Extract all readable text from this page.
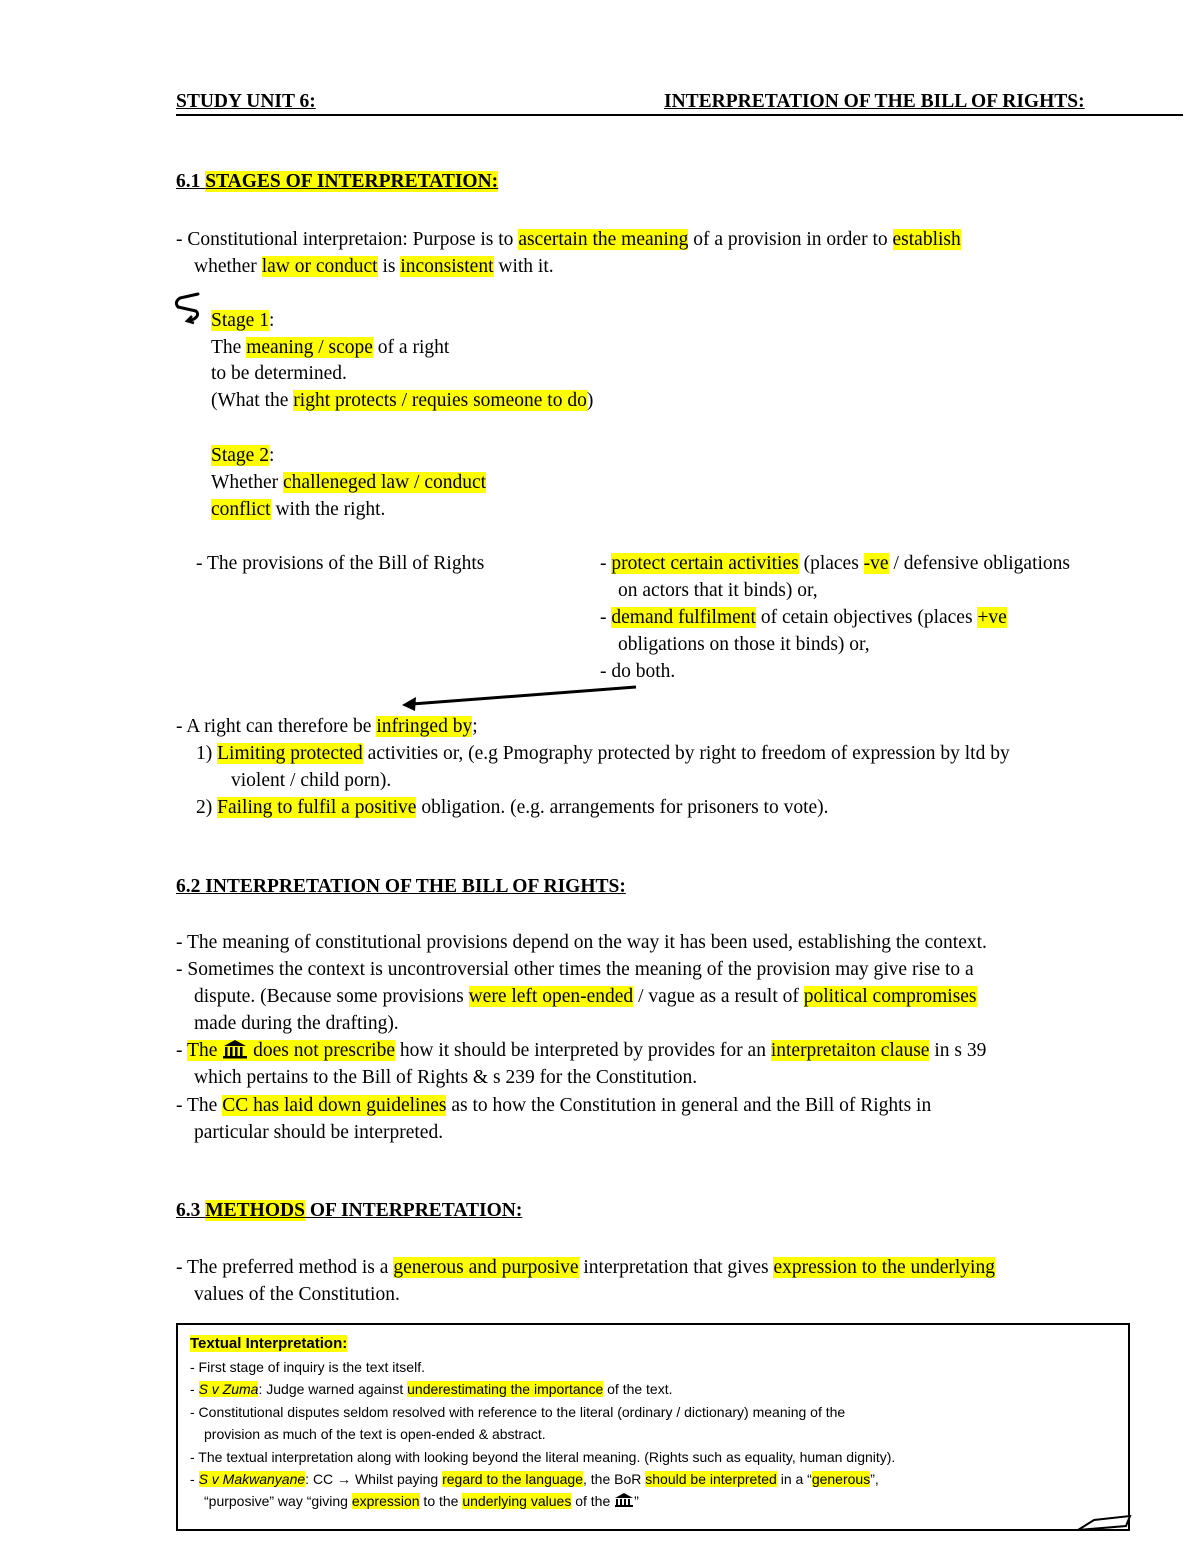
STUDY UNIT 6:	INTERPRETATION OF THE BILL OF RIGHTS:
6.1 STAGES OF INTERPRETATION:
- Constitutional interpretaion: Purpose is to ascertain the meaning of a provision in order to establish
whether law or conduct is inconsistent with it.
Stage 1:
The meaning / scope of a right
to be determined.
(What the right protects / requies someone to do)
Stage 2:
Whether challeneged law / conduct
conflict with the right.
- The provisions of the Bill of Rights	- protect certain activities (places -ve / defensive obligations
on actors that it binds) or,
- demand fulfilment of cetain objectives (places +ve
obligations on those it binds) or,
- do both.
- A right can therefore be infringed by;
1) Limiting protected activities or, (e.g Pmography protected by right to freedom of expression by ltd by
violent / child porn).
2) Failing to fulfil a positive obligation. (e.g. arrangements for prisoners to vote).
6.2 INTERPRETATION OF THE BILL OF RIGHTS:
- The meaning of constitutional provisions depend on the way it has been used, establishing the context.
- Sometimes the context is uncontroversial other times the meaning of the provision may give rise to a
dispute. (Because some provisions were left open-ended / vague as a result of political compromises
made during the drafting).
- The does not prescribe how it should be interpreted by provides for an interpretaiton clause in s 39
which pertains to the Bill of Rights & s 239 for the Constitution.
- The CC has laid down guidelines as to how the Constitution in general and the Bill of Rights in
particular should be interpreted.
6.3 METHODS OF INTERPRETATION:
- The preferred method is a generous and purposive interpretation that gives expression to the underlying
values of the Constitution.
Textual Interpretation:
- First stage of inquiry is the text itself.
- S v Zuma: Judge warned against underestimating the importance of the text.
- Constitutional disputes seldom resolved with reference to the literal (ordinary / dictionary) meaning of the
provision as much of the text is open-ended & abstract.
- The textual interpretation along with looking beyond the literal meaning. (Rights such as equality, human dignity).
- S v Makwanyane: CC → Whilst paying regard to the language, the BoR should be interpreted in a “generous”,
“purposive” way “giving expression to the underlying values of the ”
